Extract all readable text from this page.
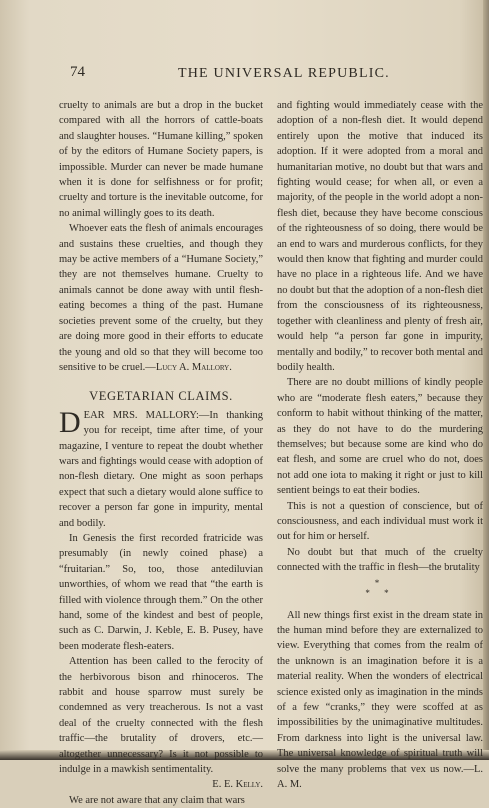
74	THE UNIVERSAL REPUBLIC.

cruelty to animals are but a drop in the bucket compared with all the horrors of cattle-boats and slaughter houses. “Humane killing,” spoken of by the editors of Humane Society papers, is impossible. Murder can never be made humane when it is done for selfishness or for profit; cruelty and torture is the inevitable outcome, for no animal willingly goes to its death.

Whoever eats the flesh of animals encourages and sustains these cruelties, and though they may be active members of a “Humane Society,” they are not themselves humane. Cruelty to animals cannot be done away with until flesh-eating becomes a thing of the past. Humane societies prevent some of the cruelty, but they are doing more good in their efforts to educate the young and old so that they will become too sensitive to be cruel.—Lucy A. Mallory.

VEGETARIAN CLAIMS.

DEAR MRS. MALLORY:—In thanking you for receipt, time after time, of your magazine, I venture to repeat the doubt whether wars and fightings would cease with adoption of non-flesh dietary. One might as soon perhaps expect that such a dietary would alone suffice to recover a person far gone in impurity, mental and bodily.

In Genesis the first recorded fratricide was presumably (in newly coined phase) a “fruitarian.” So, too, those antediluvian unworthies, of whom we read that “the earth is filled with violence through them.” On the other hand, some of the kindest and best of people, such as C. Darwin, J. Keble, E. B. Pusey, have been moderate flesh-eaters.

Attention has been called to the ferocity of the herbivorous bison and rhinoceros. The rabbit and house sparrow must surely be condemned as very treacherous. Is not a vast deal of the cruelty connected with the flesh traffic—the brutality of drovers, etc.—altogether unnecessary? Is it not possible to indulge in a mawkish sentimentality.

E. E. Kelly.

We are not aware that any claim that wars

and fighting would immediately cease with the adoption of a non-flesh diet. It would depend entirely upon the motive that induced its adoption. If it were adopted from a moral and humanitarian motive, no doubt but that wars and fighting would cease; for when all, or even a majority, of the people in the world adopt a non-flesh diet, because they have become conscious of the righteousness of so doing, there would be an end to wars and murderous conflicts, for they would then know that fighting and murder could have no place in a righteous life. And we have no doubt but that the adoption of a non-flesh diet from the consciousness of its righteousness, together with cleanliness and plenty of fresh air, would help “a person far gone in impurity, mentally and bodily,” to recover both mental and bodily health.

There are no doubt millions of kindly people who are “moderate flesh eaters,” because they conform to habit without thinking of the matter, as they do not have to do the murdering themselves; but because some are kind who do eat flesh, and some are cruel who do not, does not add one iota to making it right or just to kill sentient beings to eat their bodies.

This is not a question of conscience, but of consciousness, and each individual must work it out for him or herself.

No doubt but that much of the cruelty connected with the traffic in flesh—the brutality

*
* *

All new things first exist in the dream state in the human mind before they are externalized to view. Everything that comes from the realm of the unknown is an imagination before it is a material reality. When the wonders of electrical science existed only as imagination in the minds of a few “cranks,” they were scoffed at as impossibilities by the unimaginative multitudes. From darkness into light is the universal law. The universal knowledge of spiritual truth will solve the many problems that vex us now.—L. A. M.
